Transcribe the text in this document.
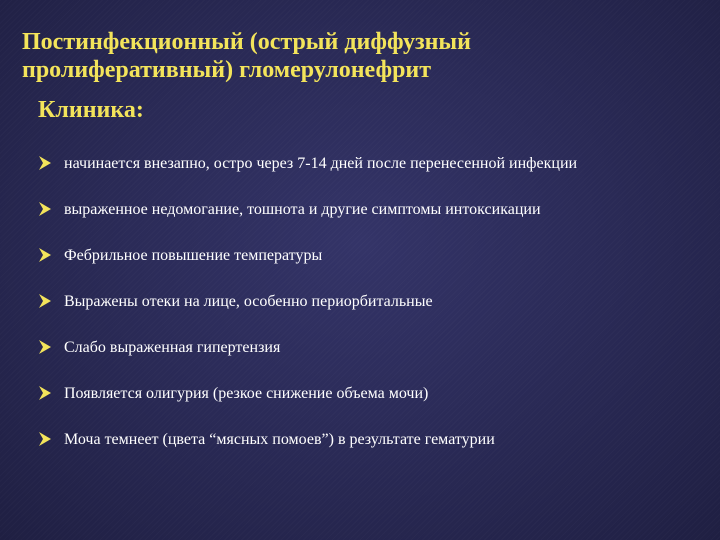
Постинфекционный (острый диффузный
пролиферативный) гломерулонефрит
Клиника:
начинается внезапно, остро через 7-14 дней после перенесенной инфекции
выраженное недомогание, тошнота и другие симптомы интоксикации
Фебрильное повышение температуры
Выражены отеки на лице, особенно периорбитальные
Слабо выраженная гипертензия
Появляется олигурия (резкое снижение объема мочи)
Моча темнеет (цвета “мясных помоев”) в результате гематурии
